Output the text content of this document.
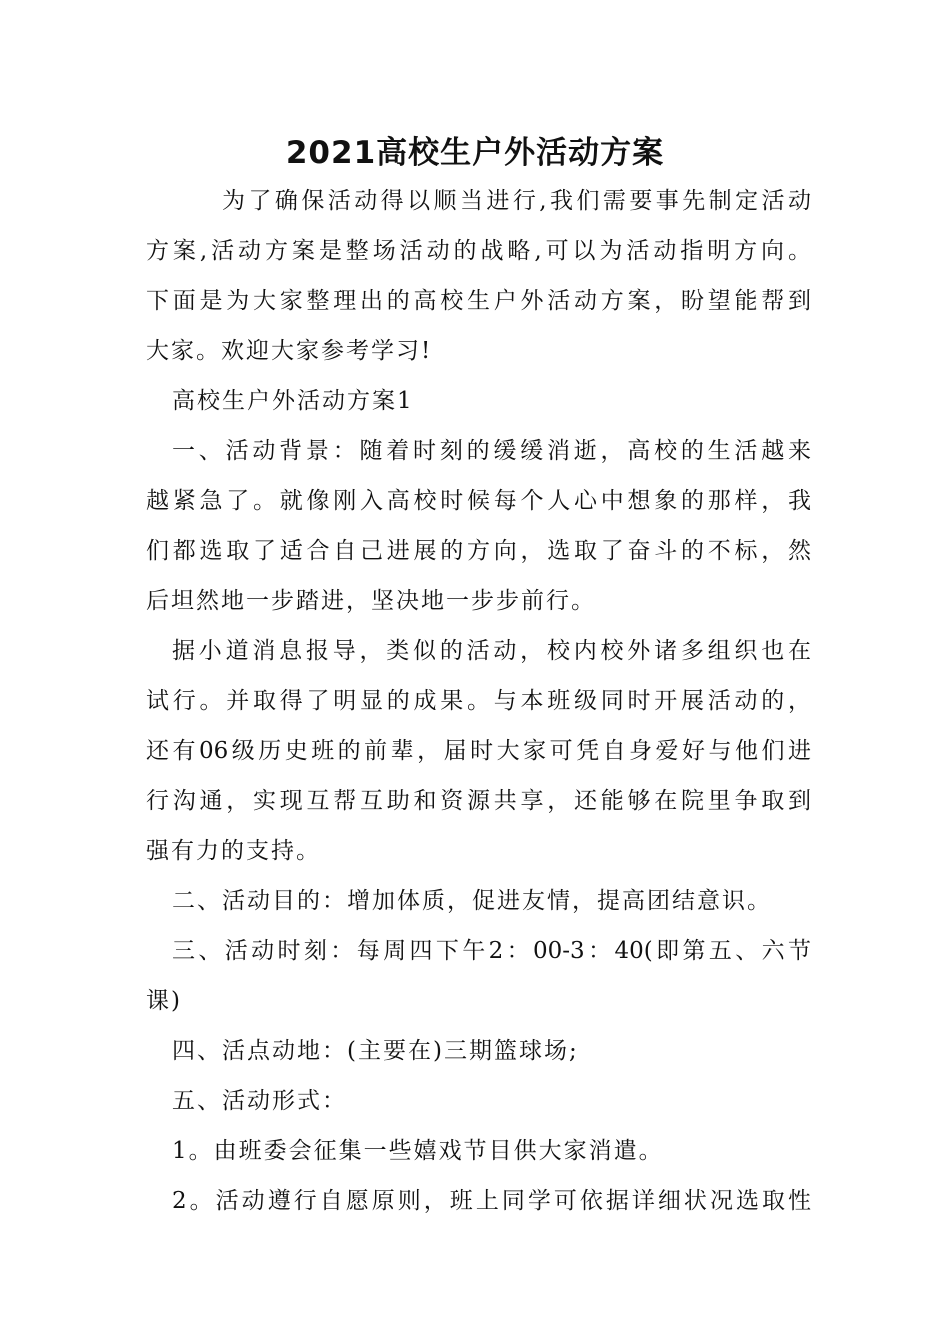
2021高校生户外活动方案
为了确保活动得以顺当进行,我们需要事先制定活动
方案,活动方案是整场活动的战略,可以为活动指明方向。
下面是为大家整理出的高校生户外活动方案，盼望能帮到
大家。欢迎大家参考学习!
高校生户外活动方案1
一、活动背景：随着时刻的缓缓消逝，高校的生活越来
越紧急了。就像刚入高校时候每个人心中想象的那样，我
们都选取了适合自己进展的方向，选取了奋斗的不标，然
后坦然地一步踏进，坚决地一步步前行。
据小道消息报导，类似的活动，校内校外诸多组织也在
试行。并取得了明显的成果。与本班级同时开展活动的，
还有06级历史班的前辈，届时大家可凭自身爱好与他们进
行沟通，实现互帮互助和资源共享，还能够在院里争取到
强有力的支持。
二、活动目的：增加体质，促进友情，提高团结意识。
三、活动时刻：每周四下午2：00-3：40(即第五、六节
课)
四、活点动地：(主要在)三期篮球场;
五、活动形式：
1。由班委会征集一些嬉戏节目供大家消遣。
2。活动遵行自愿原则，班上同学可依据详细状况选取性
